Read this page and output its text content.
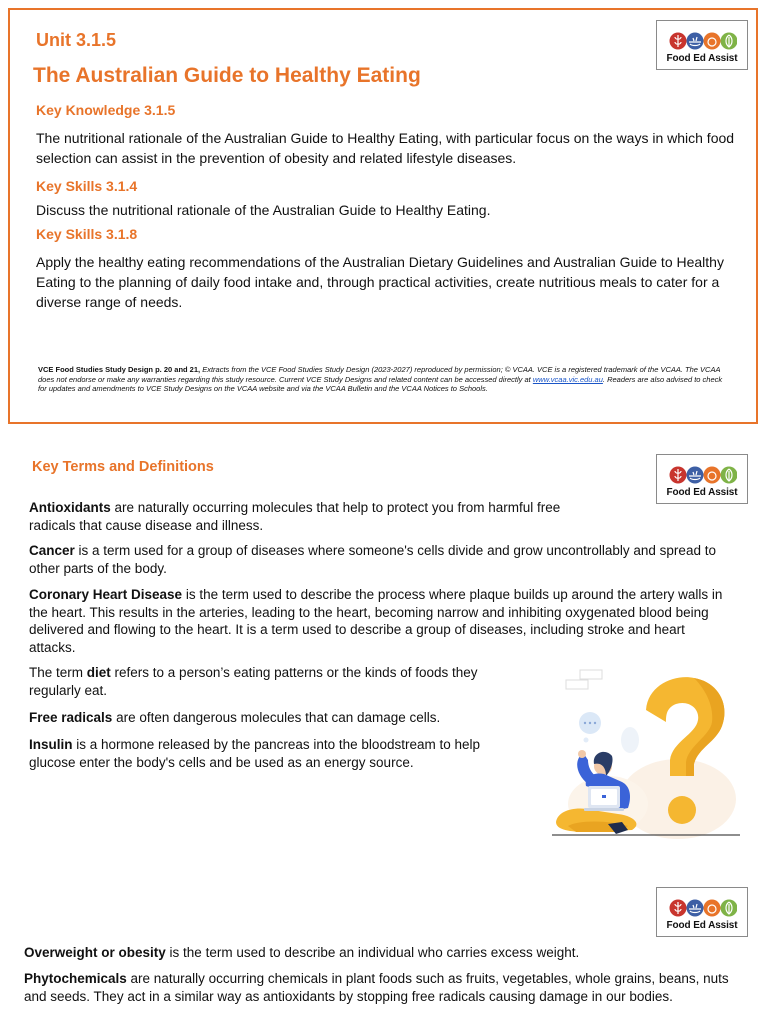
Unit 3.1.5
The Australian Guide to Healthy Eating
Key Knowledge 3.1.5
The nutritional rationale of the Australian Guide to Healthy Eating, with particular focus on the ways in which food selection can assist in the prevention of obesity and related lifestyle diseases.
Key Skills 3.1.4
Discuss the nutritional rationale of the Australian Guide to Healthy Eating.
Key Skills 3.1.8
Apply the healthy eating recommendations of the Australian Dietary Guidelines and Australian Guide to Healthy Eating to the planning of daily food intake and, through practical activities, create nutritious meals to cater for a diverse range of needs.
VCE Food Studies Study Design p. 20 and 21, Extracts from the VCE Food Studies Study Design (2023-2027) reproduced by permission; © VCAA. VCE is a registered trademark of the VCAA. The VCAA does not endorse or make any warranties regarding this study resource. Current VCE Study Designs and related content can be accessed directly at www.vcaa.vic.edu.au. Readers are also advised to check for updates and amendments to VCE Study Designs on the VCAA website and via the VCAA Bulletin and the VCAA Notices to Schools.
Food Ed Assist
Food Ed Assist
Food Ed Assist
Key Terms and Definitions
Antioxidants are naturally occurring molecules that help to protect you from harmful free radicals that cause disease and illness.
Cancer is a term used for a group of diseases where someone's cells divide and grow uncontrollably and spread to other parts of the body.
Coronary Heart Disease is the term used to describe the process where plaque builds up around the artery walls in the heart. This results in the arteries, leading to the heart, becoming narrow and inhibiting oxygenated blood being delivered and flowing to the heart. It is a term used to describe a group of diseases, including stroke and heart attacks.
The term diet refers to a person’s eating patterns or the kinds of foods they regularly eat.
Free radicals are often dangerous molecules that can damage cells.
Insulin is a hormone released by the pancreas into the bloodstream to help glucose enter the body's cells and be used as an energy source.
Overweight or obesity is the term used to describe an individual who carries excess weight.
Phytochemicals are naturally occurring chemicals in plant foods such as fruits, vegetables, whole grains, beans, nuts and seeds. They act in a similar way as antioxidants by stopping free radicals causing damage in our bodies.
